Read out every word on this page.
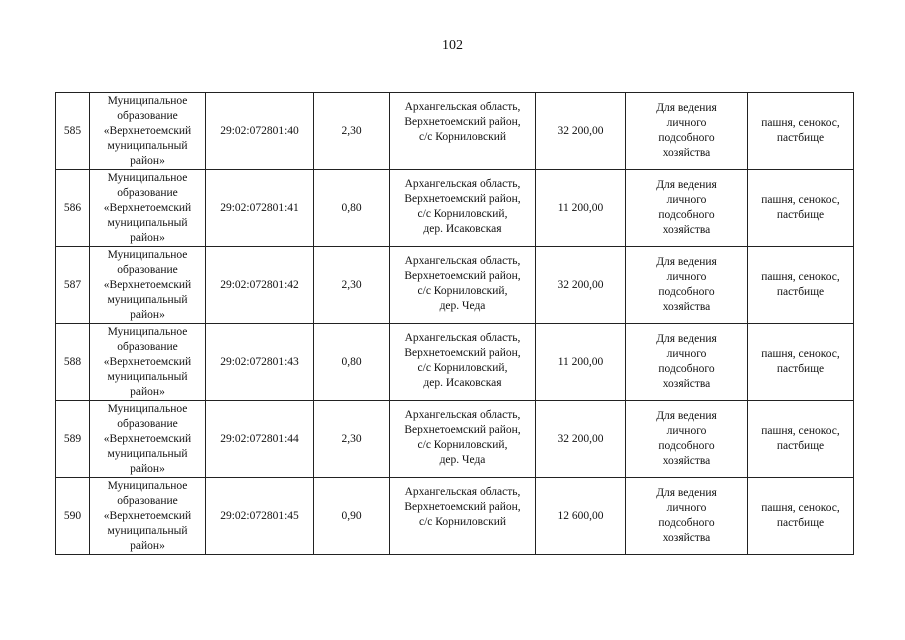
102
585	Муниципальное
образование
«Верхнетоемский
муниципальный
район»	29:02:072801:40	2,30	Архангельская область,
Верхнетоемский район,
с/с Корниловский	32 200,00	Для ведения
личного
подсобного
хозяйства	пашня, сенокос,
пастбище

586	Муниципальное
образование
«Верхнетоемский
муниципальный
район»	29:02:072801:41	0,80	Архангельская область,
Верхнетоемский район,
с/с Корниловский,
дер. Исаковская	11 200,00	Для ведения
личного
подсобного
хозяйства	пашня, сенокос,
пастбище

587	Муниципальное
образование
«Верхнетоемский
муниципальный
район»	29:02:072801:42	2,30	Архангельская область,
Верхнетоемский район,
с/с Корниловский,
дер. Чеда	32 200,00	Для ведения
личного
подсобного
хозяйства	пашня, сенокос,
пастбище

588	Муниципальное
образование
«Верхнетоемский
муниципальный
район»	29:02:072801:43	0,80	Архангельская область,
Верхнетоемский район,
с/с Корниловский,
дер. Исаковская	11 200,00	Для ведения
личного
подсобного
хозяйства	пашня, сенокос,
пастбище

589	Муниципальное
образование
«Верхнетоемский
муниципальный
район»	29:02:072801:44	2,30	Архангельская область,
Верхнетоемский район,
с/с Корниловский,
дер. Чеда	32 200,00	Для ведения
личного
подсобного
хозяйства	пашня, сенокос,
пастбище

590	Муниципальное
образование
«Верхнетоемский
муниципальный
район»	29:02:072801:45	0,90	Архангельская область,
Верхнетоемский район,
с/с Корниловский	12 600,00	Для ведения
личного
подсобного
хозяйства	пашня, сенокос,
пастбище
